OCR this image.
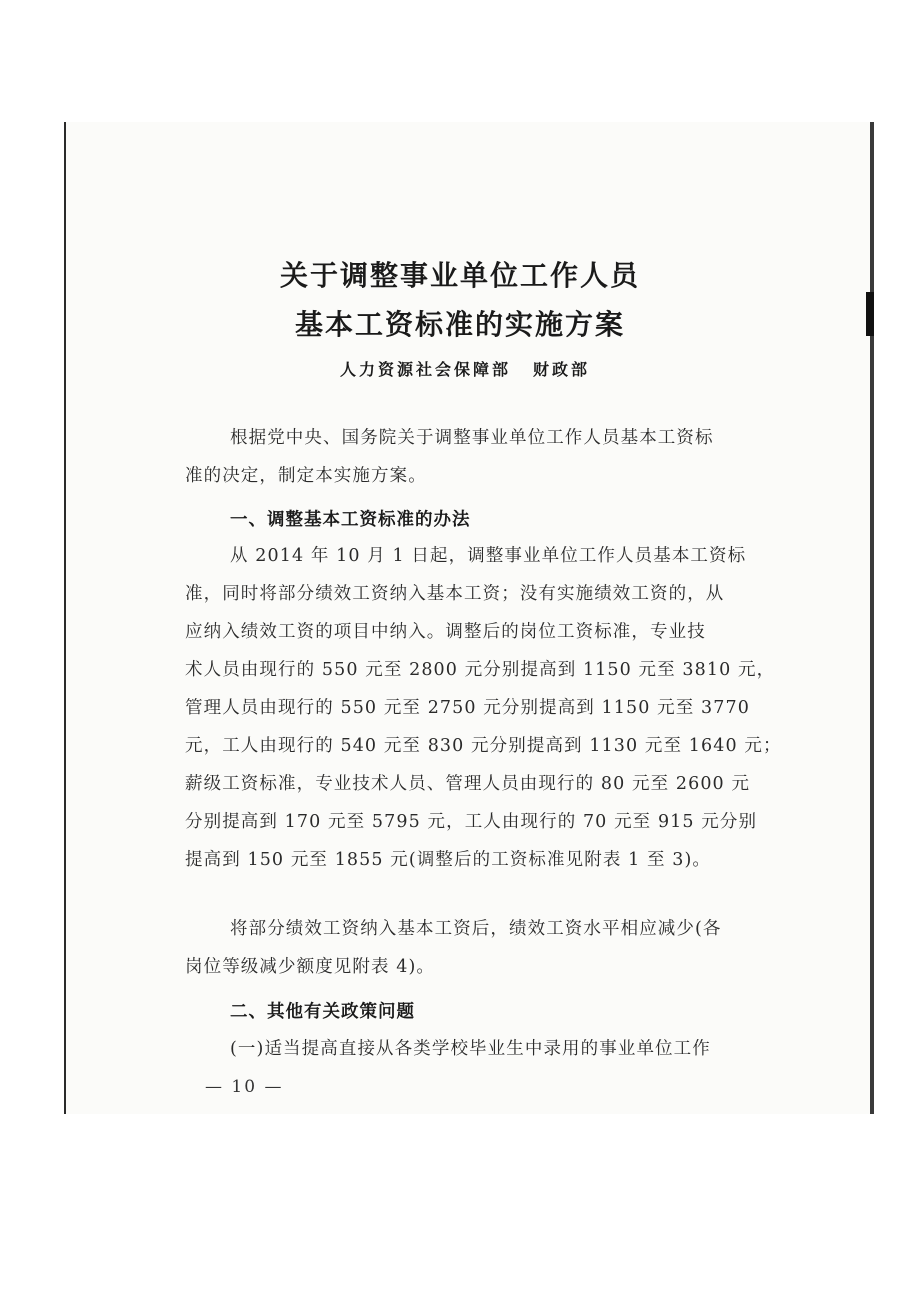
关于调整事业单位工作人员
基本工资标准的实施方案
人力资源社会保障部 财政部
根据党中央、国务院关于调整事业单位工作人员基本工资标
准的决定，制定本实施方案。
一、调整基本工资标准的办法
从 2014 年 10 月 1 日起，调整事业单位工作人员基本工资标
准，同时将部分绩效工资纳入基本工资；没有实施绩效工资的，从
应纳入绩效工资的项目中纳入。调整后的岗位工资标准，专业技
术人员由现行的 550 元至 2800 元分别提高到 1150 元至 3810 元，
管理人员由现行的 550 元至 2750 元分别提高到 1150 元至 3770
元，工人由现行的 540 元至 830 元分别提高到 1130 元至 1640 元；
薪级工资标准，专业技术人员、管理人员由现行的 80 元至 2600 元
分别提高到 170 元至 5795 元，工人由现行的 70 元至 915 元分别
提高到 150 元至 1855 元(调整后的工资标准见附表 1 至 3)。
将部分绩效工资纳入基本工资后，绩效工资水平相应减少(各
岗位等级减少额度见附表 4)。
二、其他有关政策问题
(一)适当提高直接从各类学校毕业生中录用的事业单位工作
— 10 —
